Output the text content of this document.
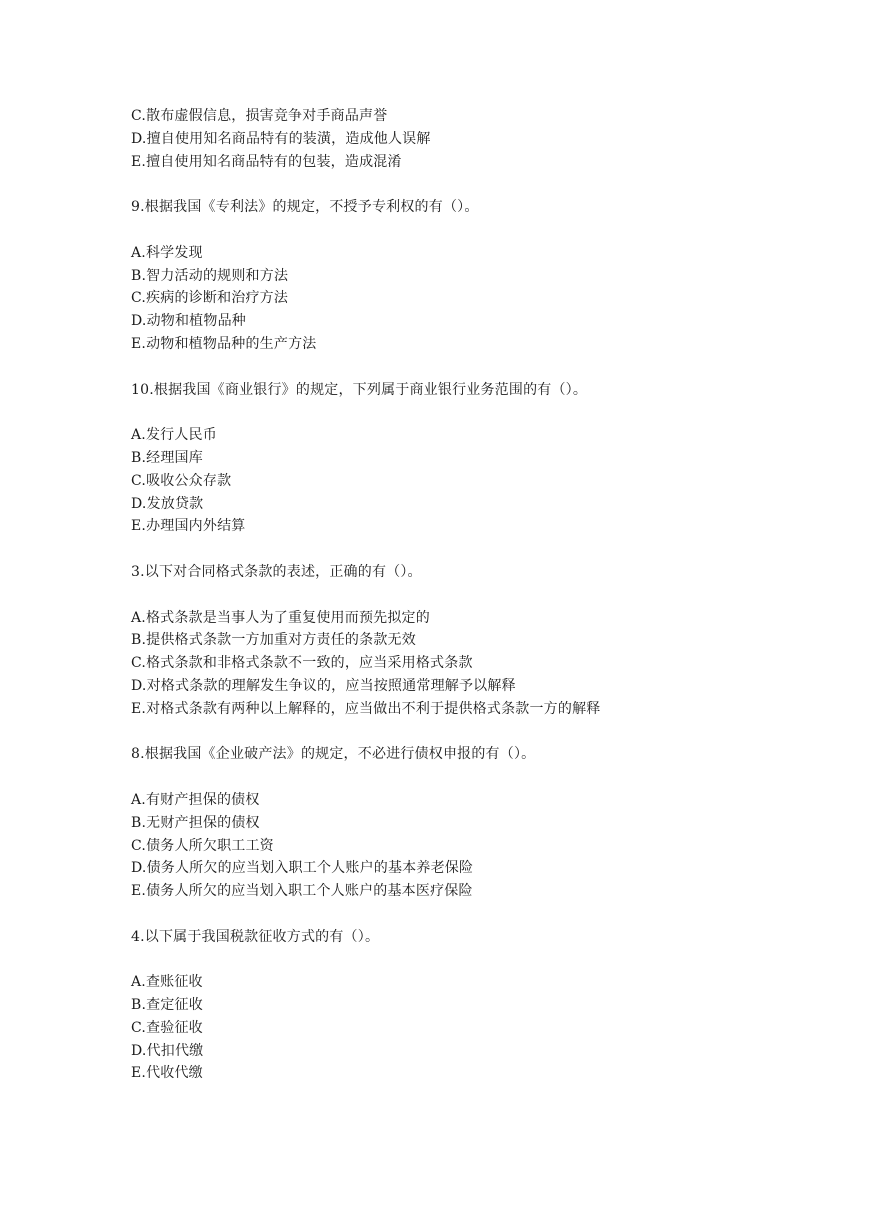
C.散布虚假信息，损害竞争对手商品声誉
D.擅自使用知名商品特有的装潢，造成他人误解
E.擅自使用知名商品特有的包装，造成混淆
9.根据我国《专利法》的规定，不授予专利权的有（）。
A.科学发现
B.智力活动的规则和方法
C.疾病的诊断和治疗方法
D.动物和植物品种
E.动物和植物品种的生产方法
10.根据我国《商业银行》的规定，下列属于商业银行业务范围的有（）。
A.发行人民币
B.经理国库
C.吸收公众存款
D.发放贷款
E.办理国内外结算
3.以下对合同格式条款的表述，正确的有（）。
A.格式条款是当事人为了重复使用而预先拟定的
B.提供格式条款一方加重对方责任的条款无效
C.格式条款和非格式条款不一致的，应当采用格式条款
D.对格式条款的理解发生争议的，应当按照通常理解予以解释
E.对格式条款有两种以上解释的，应当做出不利于提供格式条款一方的解释
8.根据我国《企业破产法》的规定，不必进行债权申报的有（）。
A.有财产担保的债权
B.无财产担保的债权
C.债务人所欠职工工资
D.债务人所欠的应当划入职工个人账户的基本养老保险
E.债务人所欠的应当划入职工个人账户的基本医疗保险
4.以下属于我国税款征收方式的有（）。
A.查账征收
B.查定征收
C.查验征收
D.代扣代缴
E.代收代缴
